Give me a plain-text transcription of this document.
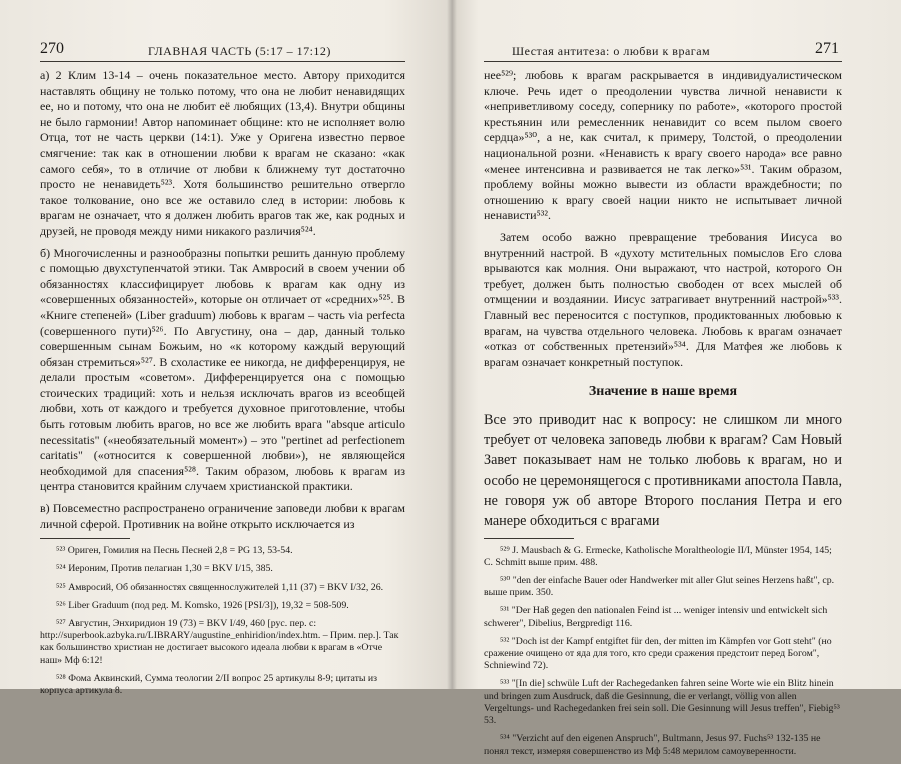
270	ГЛАВНАЯ ЧАСТЬ (5:17 – 17:12)

а) 2 Клим 13-14 – очень показательное место. Автору приходится наставлять общину не только потому, что она не любит ненавидящих ее, но и потому, что она не любит её любящих (13,4). Внутри общины не было гармонии! Автор напоминает общине: кто не исполняет волю Отца, тот не часть церкви (14:1). Уже у Оригена известно первое смягчение: так как в отношении любви к врагам не сказано: «как самого себя», то в отличие от любви к ближнему тут достаточно просто не ненавидеть⁵²³. Хотя большинство решительно отвергло такое толкование, оно все же оставило след в истории: любовь к врагам не означает, что я должен любить врагов так же, как родных и друзей, не проводя между ними никакого различия⁵²⁴.

б) Многочисленны и разнообразны попытки решить данную проблему с помощью двухступенчатой этики. Так Амвросий в своем учении об обязанностях классифицирует любовь к врагам как одну из «совершенных обязанностей», которые он отличает от «средних»⁵²⁵. В «Книге степеней» (Liber graduum) любовь к врагам – часть via perfecta (совершенного пути)⁵²⁶. По Августину, она – дар, данный только совершенным сынам Божьим, но «к которому каждый верующий обязан стремиться»⁵²⁷. В схоластике ее никогда, не дифференцируя, не делали простым «советом». Дифференцируется она с помощью стоических традиций: хоть и нельзя исключать врагов из всеобщей любви, хоть от каждого и требуется духовное приготовление, чтобы быть готовым любить врагов, но все же любить врага "absque articulo necessitatis" («необязательный момент») – это "pertinet ad perfectionem caritatis" («относится к совершенной любви»), не являющейся необходимой для спасения⁵²⁸. Таким образом, любовь к врагам из центра становится крайним случаем христианской практики.

в) Повсеместно распространено ограничение заповеди любви к врагам личной сферой. Противник на войне открыто исключается из

⁵²³ Ориген, Гомилия на Песнь Песней 2,8 = PG 13, 53-54.

⁵²⁴ Иероним, Против пелагиан 1,30 = BKV I/15, 385.

⁵²⁵ Амвросий, Об обязанностях священнослужителей 1,11 (37) = BKV I/32, 26.

⁵²⁶ Liber Graduum (под ред. M. Komsko, 1926 [PSI/3]), 19,32 = 508-509.

⁵²⁷ Августин, Энхиридион 19 (73) = BKV I/49, 460 [рус. пер. с: http://superbook.azbyka.ru/LIBRARY/augustine_enhiridion/index.htm. – Прим. пер.]. Так как большинство христиан не достигает высокого идеала любви к врагам в «Отче наш» Мф 6:12!

⁵²⁸ Фома Аквинский, Сумма теологии 2/II вопрос 25 артикулы 8-9; цитаты из корпуса артикула 8.

Шестая антитеза: о любви к врагам	271

нее⁵²⁹; любовь к врагам раскрывается в индивидуалистическом ключе. Речь идет о преодолении чувства личной ненависти к «неприветливому соседу, сопернику по работе», «которого простой крестьянин или ремесленник ненавидит со всем пылом своего сердца»⁵³⁰, а не, как считал, к примеру, Толстой, о преодолении национальной розни. «Ненависть к врагу своего народа» все равно «менее интенсивна и развивается не так легко»⁵³¹. Таким образом, проблему войны можно вывести из области враждебности; по отношению к врагу своей нации никто не испытывает личной ненависти⁵³².

Затем особо важно превращение требования Иисуса во внутренний настрой. В «духоту мстительных помыслов Его слова врываются как молния. Они выражают, что настрой, которого Он требует, должен быть полностью свободен от всех мыслей об отмщении и воздаянии. Иисус затрагивает внутренний настрой»⁵³³. Главный вес переносится с поступков, продиктованных любовью к врагам, на чувства отдельного человека. Любовь к врагам означает «отказ от собственных претензий»⁵³⁴. Для Матфея же любовь к врагам означает конкретный поступок.

Значение в наше время

Все это приводит нас к вопросу: не слишком ли много требует от человека заповедь любви к врагам? Сам Новый Завет показывает нам не только любовь к врагам, но и особо не церемонящегося с противниками апостола Павла, не говоря уж об авторе Второго послания Петра и его манере обходиться с врагами

⁵²⁹ J. Mausbach & G. Ermecke, Katholische Moraltheologie II/I, Münster 1954, 145; C. Schmitt выше прим. 488.

⁵³⁰ "den der einfache Bauer oder Handwerker mit aller Glut seines Herzens haßt", ср. выше прим. 350.

⁵³¹ "Der Haß gegen den nationalen Feind ist ... weniger intensiv und entwickelt sich schwerer", Dibelius, Bergpredigt 116.

⁵³² "Doch ist der Kampf entgiftet für den, der mitten im Kämpfen vor Gott steht" (но сражение очищено от яда для того, кто среди сражения предстоит перед Богом", Schniewind 72).

⁵³³ "[In die] schwüle Luft der Rachegedanken fahren seine Worte wie ein Blitz hinein und bringen zum Ausdruck, daß die Gesinnung, die er verlangt, völlig von allen Vergeltungs- und Rachegedanken frei sein soll. Die Gesinnung will Jesus treffen", Fiebig⁵³ 53.

⁵³⁴ "Verzicht auf den eigenen Anspruch", Bultmann, Jesus 97. Fuchs⁵³ 132-135 не понял текст, измеряя совершенство из Мф 5:48 мерилом самоуверенности.
